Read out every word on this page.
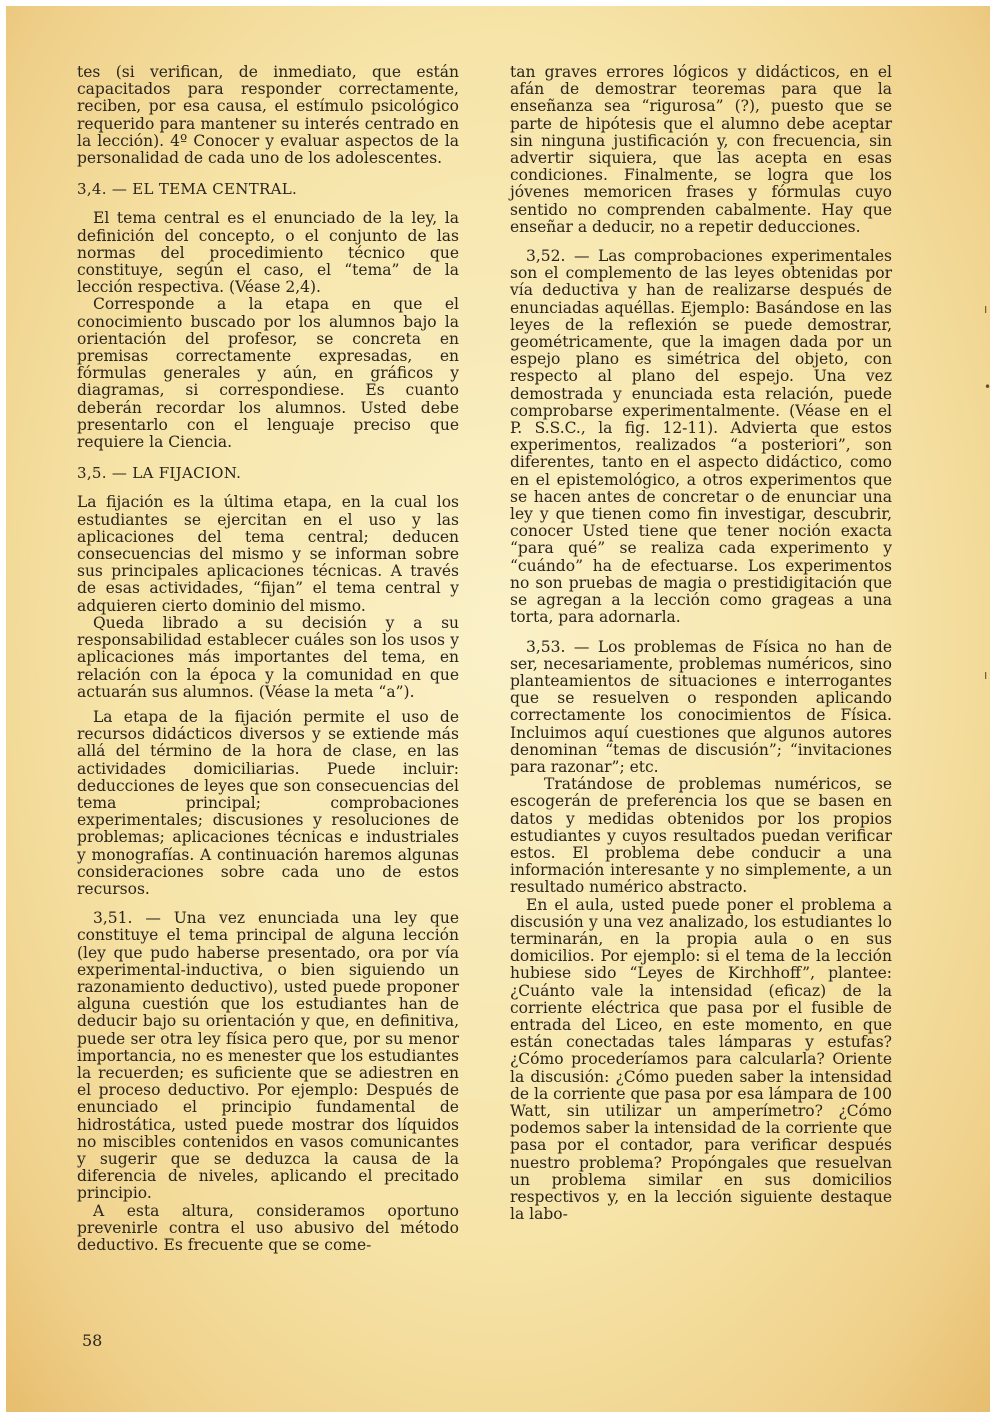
tes (si verifican, de inmediato, que están capacitados para responder correctamente, reciben, por esa causa, el estímulo psicológico requerido para mantener su interés centrado en la lección). 4º Conocer y evaluar aspectos de la personalidad de cada uno de los adolescentes.

3,4. — EL TEMA CENTRAL.

El tema central es el enunciado de la ley, la definición del concepto, o el conjunto de las normas del procedimiento técnico que constituye, según el caso, el “tema” de la lección respectiva. (Véase 2,4).

Corresponde a la etapa en que el conocimiento buscado por los alumnos bajo la orientación del profesor, se concreta en premisas correctamente expresadas, en fórmulas generales y aún, en gráficos y diagramas, si correspondiese. Es cuanto deberán recordar los alumnos. Usted debe presentarlo con el lenguaje preciso que requiere la Ciencia.

3,5. — LA FIJACION.

La fijación es la última etapa, en la cual los estudiantes se ejercitan en el uso y las aplicaciones del tema central; deducen consecuencias del mismo y se informan sobre sus principales aplicaciones técnicas. A través de esas actividades, “fijan” el tema central y adquieren cierto dominio del mismo.

Queda librado a su decisión y a su responsabilidad establecer cuáles son los usos y aplicaciones más importantes del tema, en relación con la época y la comunidad en que actuarán sus alumnos. (Véase la meta “a”).

La etapa de la fijación permite el uso de recursos didácticos diversos y se extiende más allá del término de la hora de clase, en las actividades domiciliarias. Puede incluir: deducciones de leyes que son consecuencias del tema principal; comprobaciones experimentales; discusiones y resoluciones de problemas; aplicaciones técnicas e industriales y monografías. A continuación haremos algunas consideraciones sobre cada uno de estos recursos.

3,51. — Una vez enunciada una ley que constituye el tema principal de alguna lección (ley que pudo haberse presentado, ora por vía experimental-inductiva, o bien siguiendo un razonamiento deductivo), usted puede proponer alguna cuestión que los estudiantes han de deducir bajo su orientación y que, en definitiva, puede ser otra ley física pero que, por su menor importancia, no es menester que los estudiantes la recuerden; es suficiente que se adiestren en el proceso deductivo. Por ejemplo: Después de enunciado el principio fundamental de hidrostática, usted puede mostrar dos líquidos no miscibles contenidos en vasos comunicantes y sugerir que se deduzca la causa de la diferencia de niveles, aplicando el precitado principio.

A esta altura, consideramos oportuno prevenirle contra el uso abusivo del método deductivo. Es frecuente que se come-

tan graves errores lógicos y didácticos, en el afán de demostrar teoremas para que la enseñanza sea “rigurosa” (?), puesto que se parte de hipótesis que el alumno debe aceptar sin ninguna justificación y, con frecuencia, sin advertir siquiera, que las acepta en esas condiciones. Finalmente, se logra que los jóvenes memoricen frases y fórmulas cuyo sentido no comprenden cabalmente. Hay que enseñar a deducir, no a repetir deducciones.

3,52. — Las comprobaciones experimentales son el complemento de las leyes obtenidas por vía deductiva y han de realizarse después de enunciadas aquéllas. Ejemplo: Basándose en las leyes de la reflexión se puede demostrar, geométricamente, que la imagen dada por un espejo plano es simétrica del objeto, con respecto al plano del espejo. Una vez demostrada y enunciada esta relación, puede comprobarse experimentalmente. (Véase en el P. S.S.C., la fig. 12-11). Advierta que estos experimentos, realizados “a posteriori”, son diferentes, tanto en el aspecto didáctico, como en el epistemológico, a otros experimentos que se hacen antes de concretar o de enunciar una ley y que tienen como fin investigar, descubrir, conocer Usted tiene que tener noción exacta “para qué” se realiza cada experimento y “cuándo” ha de efectuarse. Los experimentos no son pruebas de magia o prestidigitación que se agregan a la lección como grageas a una torta, para adornarla.

3,53. — Los problemas de Física no han de ser, necesariamente, problemas numéricos, sino planteamientos de situaciones e interrogantes que se resuelven o responden aplicando correctamente los conocimientos de Física. Incluimos aquí cuestiones que algunos autores denominan “temas de discusión”; “invitaciones para razonar”; etc.

Tratándose de problemas numéricos, se escogerán de preferencia los que se basen en datos y medidas obtenidos por los propios estudiantes y cuyos resultados puedan verificar estos. El problema debe conducir a una información interesante y no simplemente, a un resultado numérico abstracto.

En el aula, usted puede poner el problema a discusión y una vez analizado, los estudiantes lo terminarán, en la propia aula o en sus domicilios. Por ejemplo: si el tema de la lección hubiese sido “Leyes de Kirchhoff”, plantee: ¿Cuánto vale la intensidad (eficaz) de la corriente eléctrica que pasa por el fusible de entrada del Liceo, en este momento, en que están conectadas tales lámparas y estufas? ¿Cómo procederíamos para calcularla? Oriente la discusión: ¿Cómo pueden saber la intensidad de la corriente que pasa por esa lámpara de 100 Watt, sin utilizar un amperímetro? ¿Cómo podemos saber la intensidad de la corriente que pasa por el contador, para verificar después nuestro problema? Propóngales que resuelvan un problema similar en sus domicilios respectivos y, en la lección siguiente destaque la labo-

58
ı
•
ı
